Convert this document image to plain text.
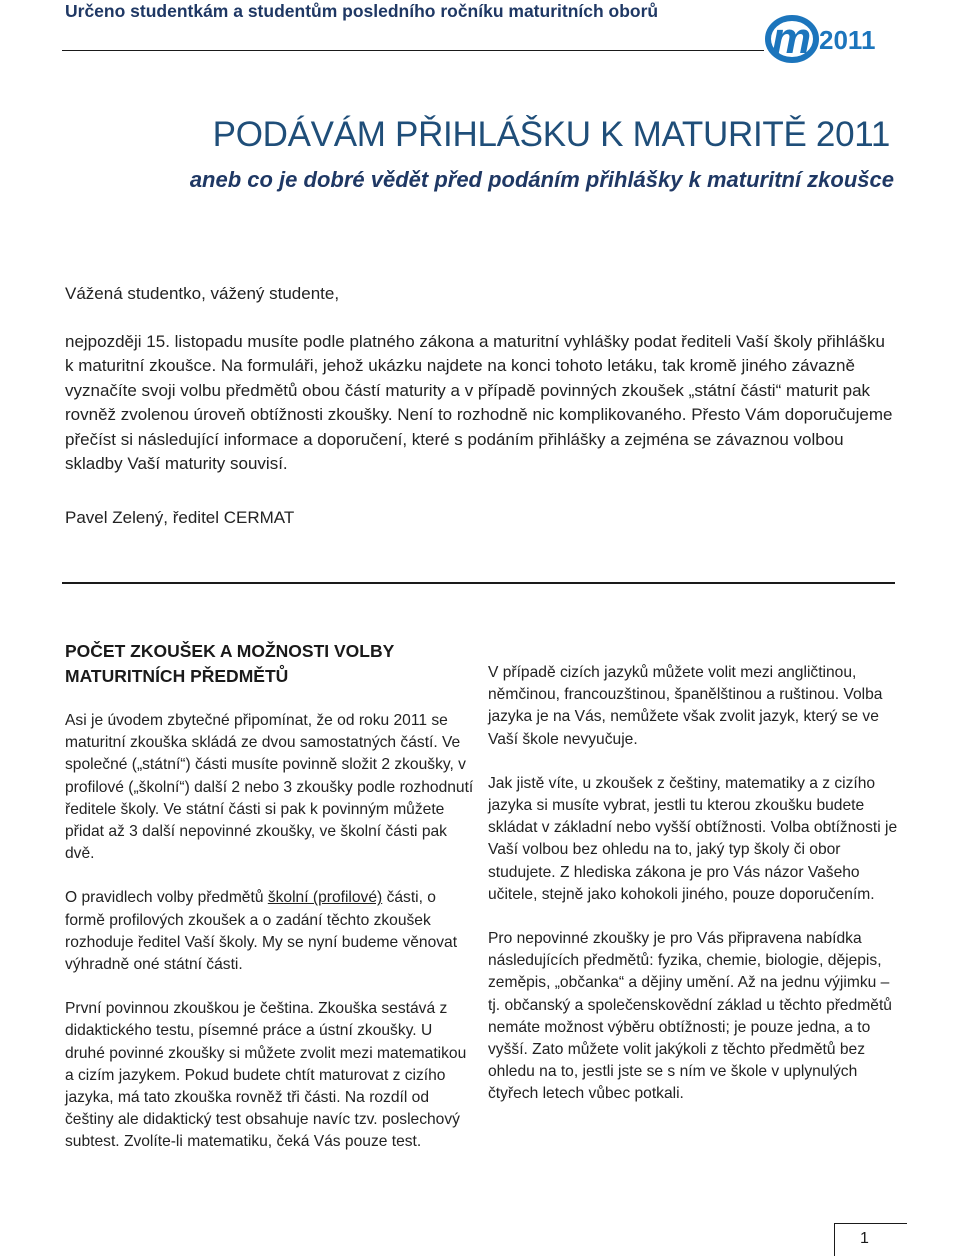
Určeno studentkám a studentům posledního ročníku maturitních oborů
m 2011
PODÁVÁM PŘIHLÁŠKU K MATURITĚ 2011
aneb co je dobré vědět před podáním přihlášky k maturitní zkoušce
Vážená studentko, vážený studente,
nejpozději 15. listopadu musíte podle platného zákona a maturitní vyhlášky podat řediteli Vaší školy přihlášku k maturitní zkoušce. Na formuláři, jehož ukázku najdete na konci tohoto letáku, tak kromě jiného závazně vyznačíte svoji volbu předmětů obou částí maturity a v případě povinných zkoušek „státní části“ maturit pak rovněž zvolenou úroveň obtížnosti zkoušky. Není to rozhodně nic komplikovaného. Přesto Vám doporučujeme přečíst si následující informace a doporučení, které s podáním přihlášky a zejména se závaznou volbou skladby Vaší maturity souvisí.
Pavel Zelený, ředitel CERMAT
POČET ZKOUŠEK A MOŽNOSTI VOLBY MATURITNÍCH PŘEDMĚTŮ

Asi je úvodem zbytečné připomínat, že od roku 2011 se maturitní zkouška skládá ze dvou samostatných částí. Ve společné („státní“) části musíte povinně složit 2 zkoušky, v profilové („školní“) další 2 nebo 3 zkoušky podle rozhodnutí ředitele školy. Ve státní části si pak k povinným můžete přidat až 3 další nepovinné zkoušky, ve školní části pak dvě.

O pravidlech volby předmětů školní (profilové) části, o formě profilových zkoušek a o zadání těchto zkoušek rozhoduje ředitel Vaší školy. My se nyní budeme věnovat výhradně oné státní části.

První povinnou zkouškou je čeština. Zkouška sestává z didaktického testu, písemné práce a ústní zkoušky. U druhé povinné zkoušky si můžete zvolit mezi matematikou a cizím jazykem. Pokud budete chtít maturovat z cizího jazyka, má tato zkouška rovněž tři části. Na rozdíl od češtiny ale didaktický test obsahuje navíc tzv. poslechový subtest. Zvolíte-li matematiku, čeká Vás pouze test.

V případě cizích jazyků můžete volit mezi angličtinou, němčinou, francouzštinou, španělštinou a ruštinou. Volba jazyka je na Vás, nemůžete však zvolit jazyk, který se ve Vaší škole nevyučuje.

Jak jistě víte, u zkoušek z češtiny, matematiky a z cizího jazyka si musíte vybrat, jestli tu kterou zkoušku budete skládat v základní nebo vyšší obtížnosti. Volba obtížnosti je Vaší volbou bez ohledu na to, jaký typ školy či obor studujete. Z hlediska zákona je pro Vás názor Vašeho učitele, stejně jako kohokoli jiného, pouze doporučením.

Pro nepovinné zkoušky je pro Vás připravena nabídka následujících předmětů: fyzika, chemie, biologie, dějepis, zeměpis, „občanka“ a dějiny umění. Až na jednu výjimku – tj. občanský a společenskovědní základ u těchto předmětů nemáte možnost výběru obtížnosti; je pouze jedna, a to vyšší. Zato můžete volit jakýkoli z těchto předmětů bez ohledu na to, jestli jste se s ním ve škole v uplynulých čtyřech letech vůbec potkali.

1
